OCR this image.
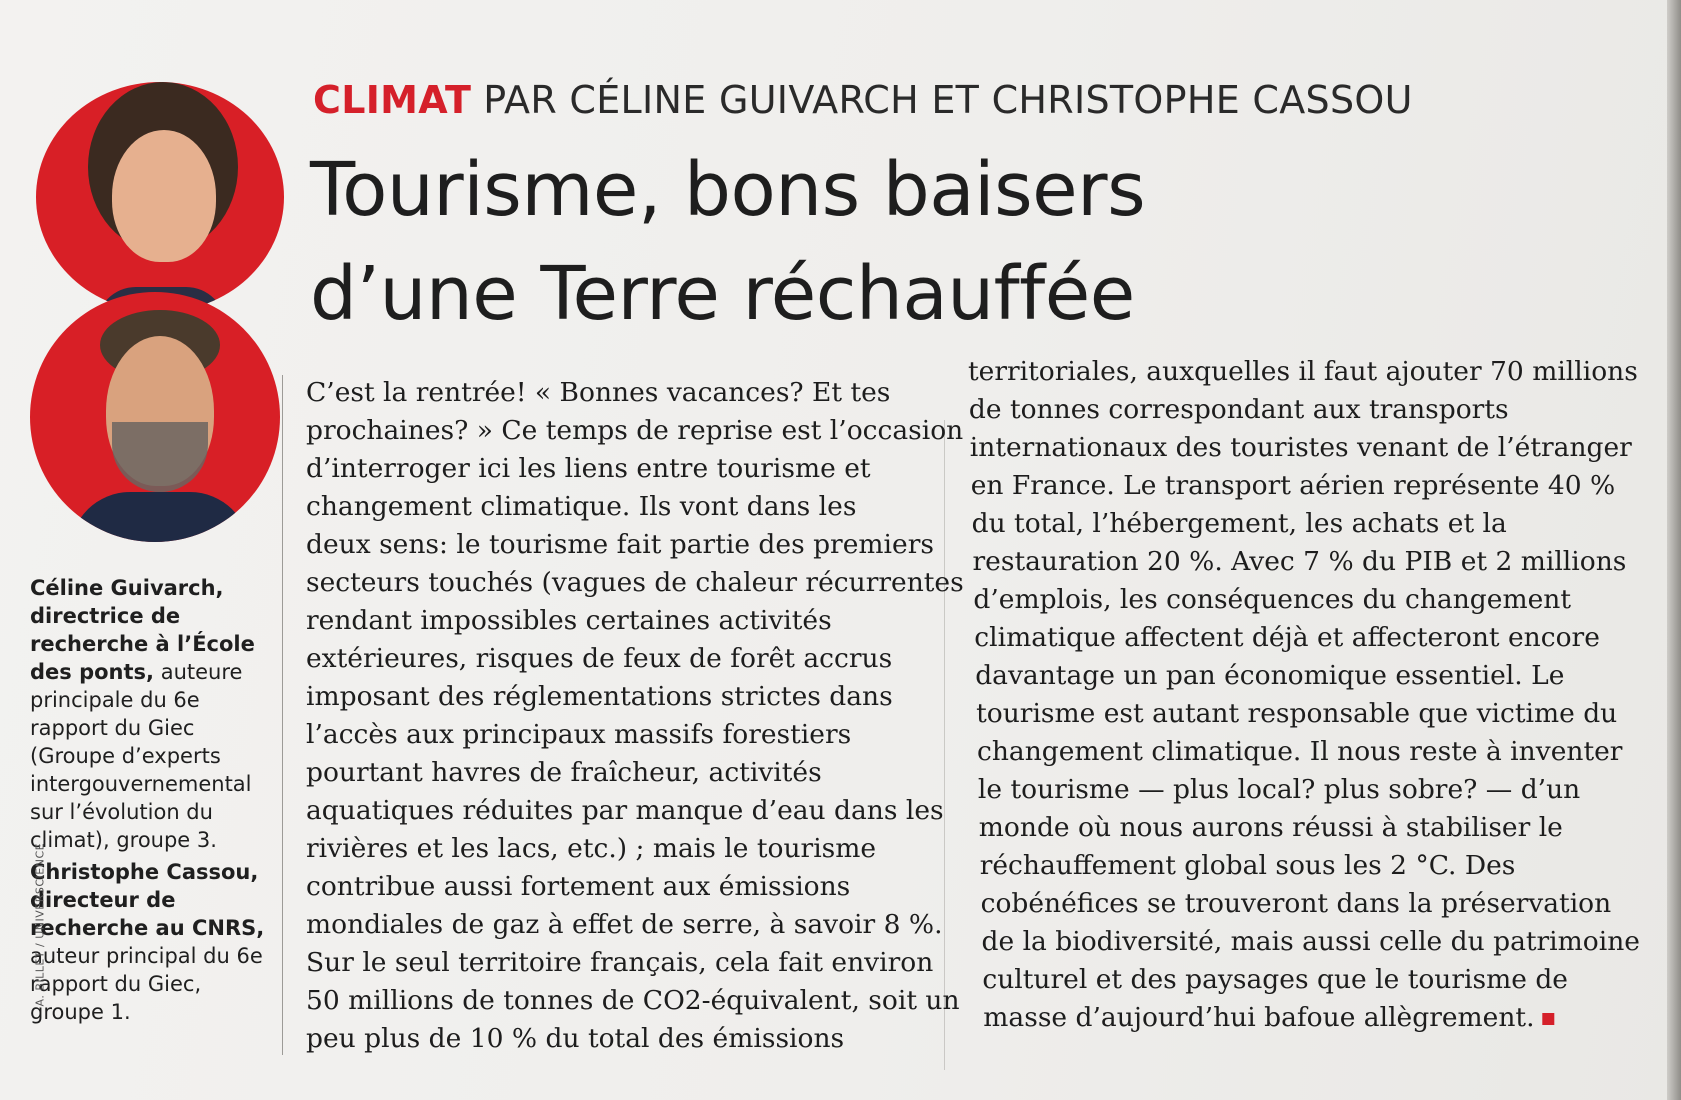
CLIMAT PAR CÉLINE GUIVARCH ET CHRISTOPHE CASSOU
Tourisme, bons baisers
d’une Terre réchauffée
Céline Guivarch, directrice de recherche à l’École des ponts, auteure principale du 6e rapport du Giec (Groupe d’experts intergouvernemental sur l’évolution du climat), groupe 3.
Christophe Cassou, directeur de recherche au CNRS, auteur principal du 6e rapport du Giec, groupe 1.
A. BILLET / UNIVERSCIENCE
C’est la rentrée! « Bonnes vacances? Et tes
prochaines? » Ce temps de reprise est l’occasion
d’interroger ici les liens entre tourisme et
changement climatique. Ils vont dans les
deux sens: le tourisme fait partie des premiers
secteurs touchés (vagues de chaleur récurrentes
rendant impossibles certaines activités
extérieures, risques de feux de forêt accrus
imposant des réglementations strictes dans
l’accès aux principaux massifs forestiers
pourtant havres de fraîcheur, activités
aquatiques réduites par manque d’eau dans les
rivières et les lacs, etc.) ; mais le tourisme
contribue aussi fortement aux émissions
mondiales de gaz à effet de serre, à savoir 8 %.
Sur le seul territoire français, cela fait environ
50 millions de tonnes de CO2-équivalent, soit un
peu plus de 10 % du total des émissions
territoriales, auxquelles il faut ajouter 70 millions
de tonnes correspondant aux transports
internationaux des touristes venant de l’étranger
en France. Le transport aérien représente 40 %
du total, l’hébergement, les achats et la
restauration 20 %. Avec 7 % du PIB et 2 millions
d’emplois, les conséquences du changement
climatique affectent déjà et affecteront encore
davantage un pan économique essentiel. Le
tourisme est autant responsable que victime du
changement climatique. Il nous reste à inventer
le tourisme — plus local? plus sobre? — d’un
monde où nous aurons réussi à stabiliser le
réchauffement global sous les 2 °C. Des
cobénéfices se trouveront dans la préservation
de la biodiversité, mais aussi celle du patrimoine
culturel et des paysages que le tourisme de
masse d’aujourd’hui bafoue allègrement.
